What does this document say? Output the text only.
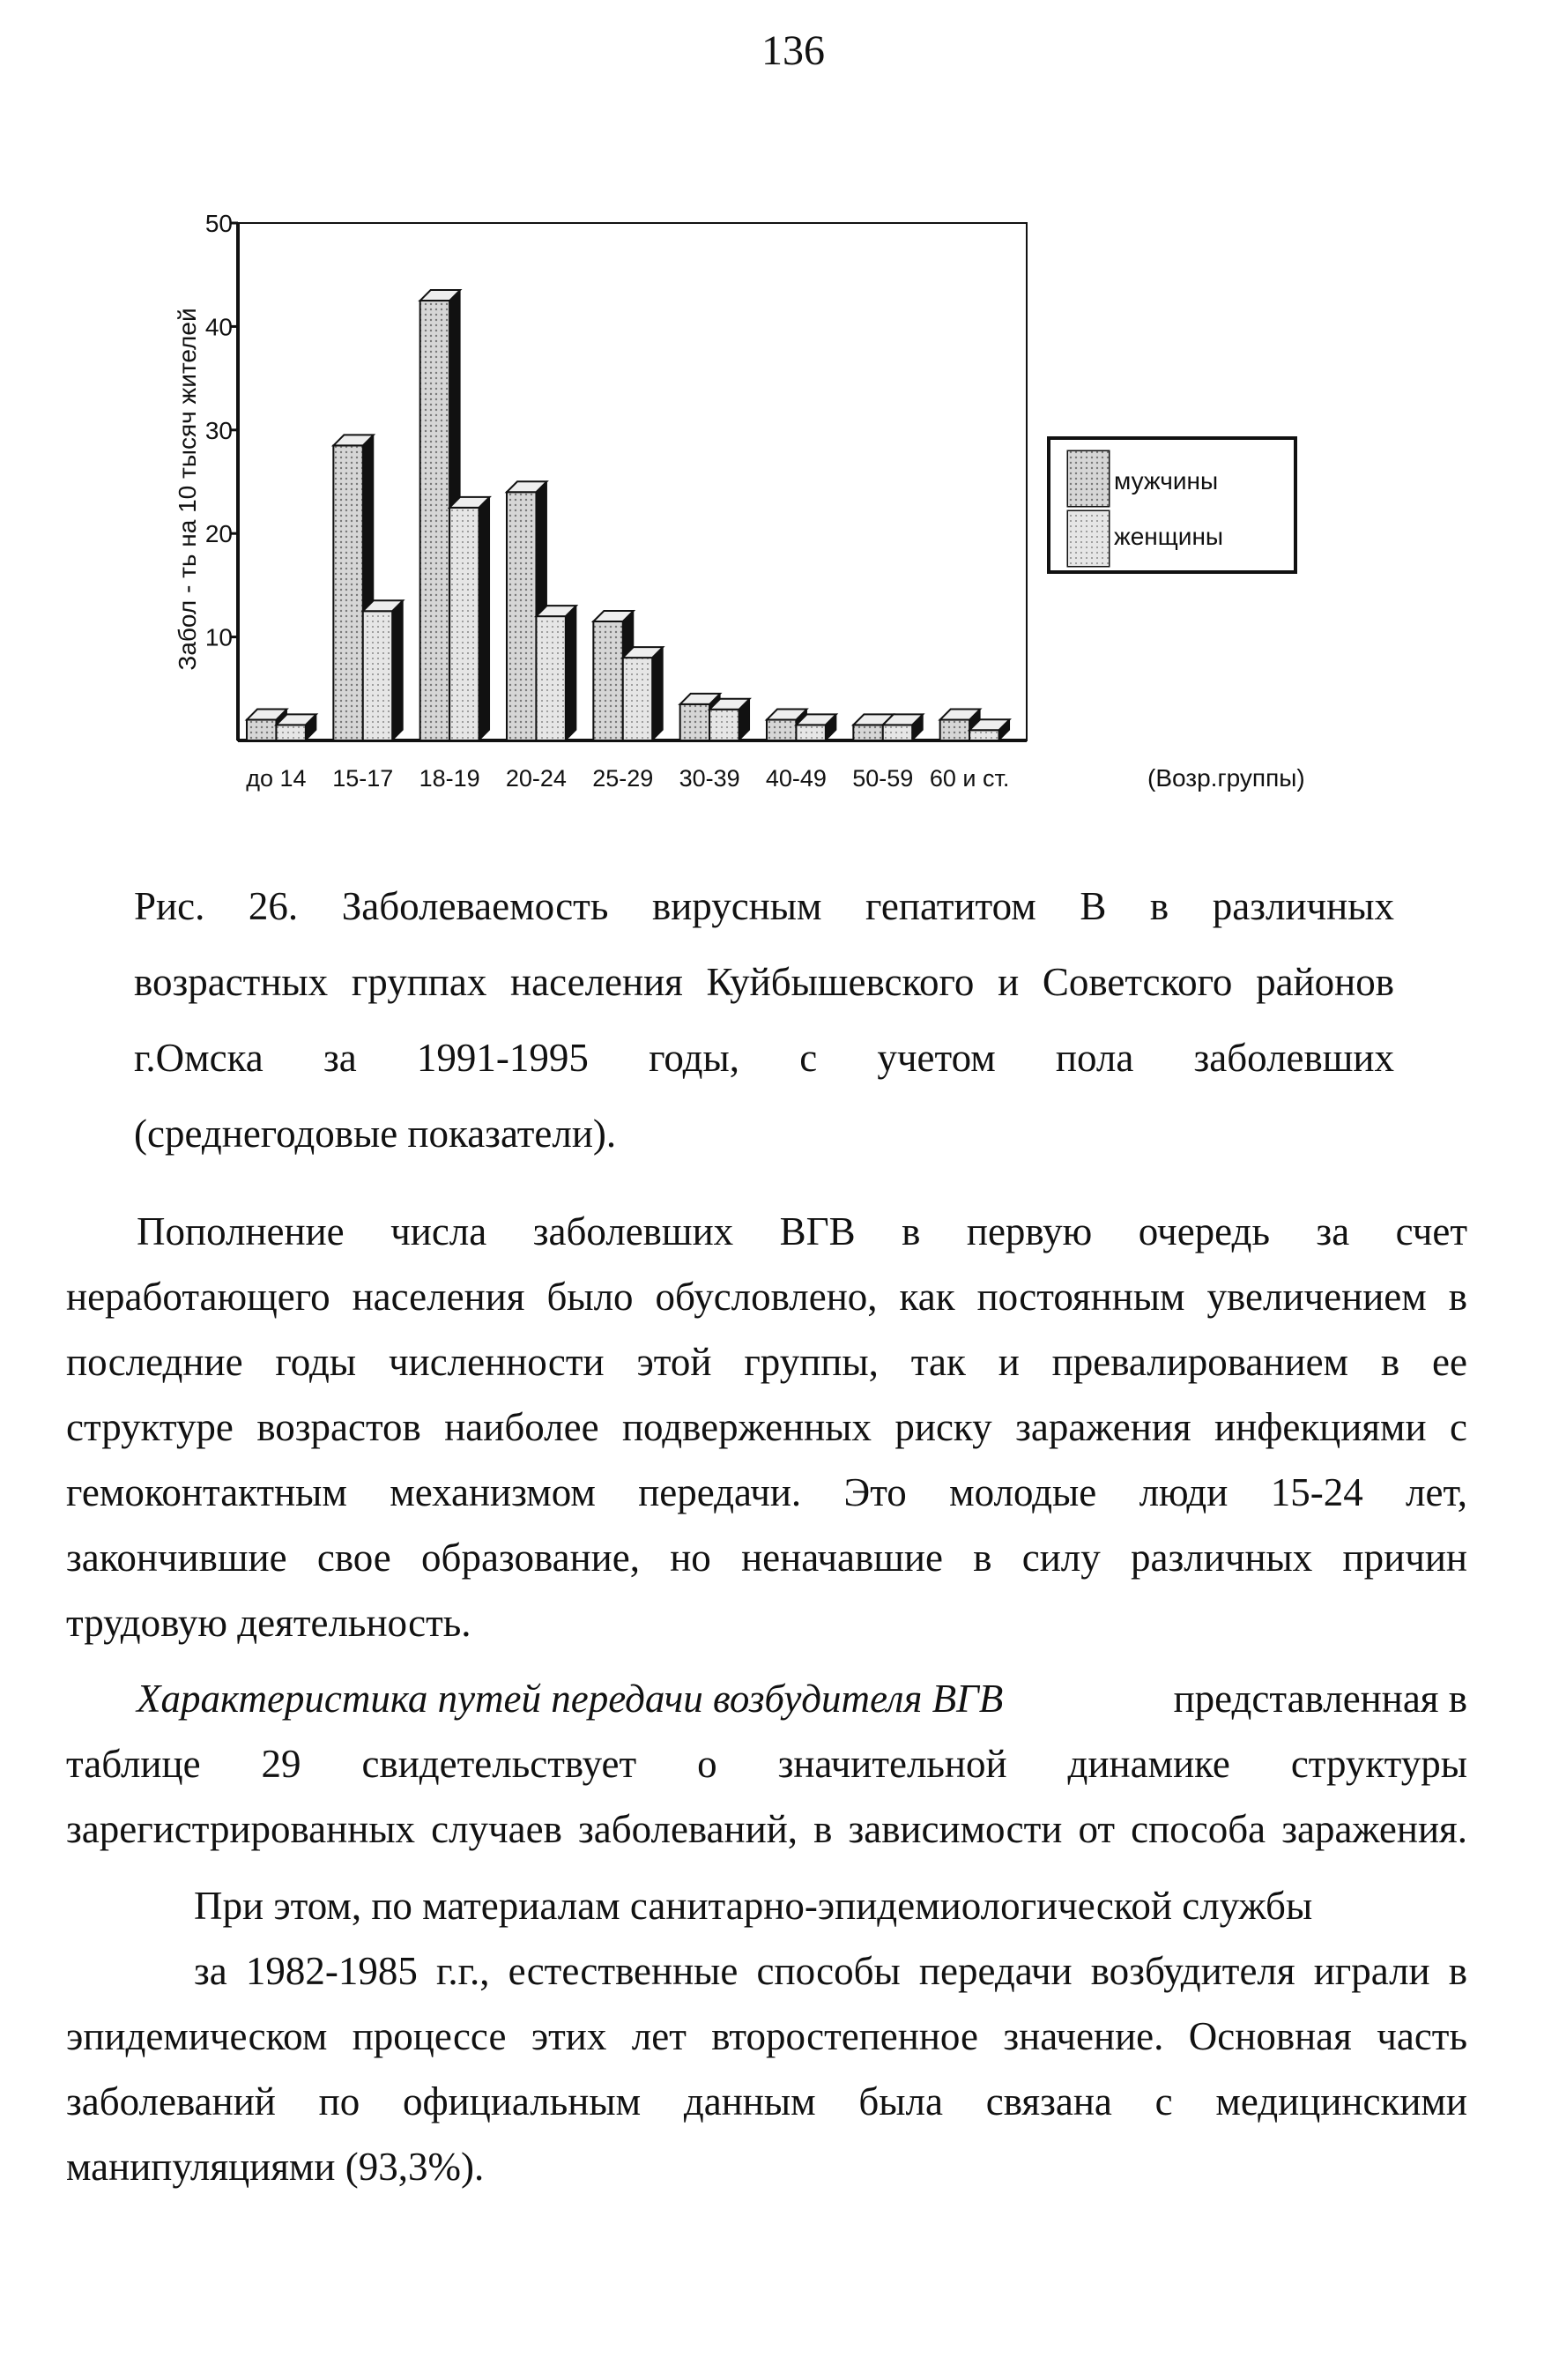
136
10
20
30
40
50
до 14 15-17 18-19 20-24 25-29 30-39 40-49 50-59 60 и ст.
Забол - ть на 10 тысяч жителей
(Возр.группы)
мужчины
женщины
Рис. 26. Заболеваемость вирусным гепатитом В в различных
возрастных группах населения Куйбышевского и Советского районов
г.Омска за 1991-1995 годы, с учетом пола заболевших
(среднегодовые показатели).
Пополнение числа заболевших ВГВ в первую очередь за счет
неработающего населения было обусловлено, как постоянным увеличением в
последние годы численности этой группы, так и превалированием в ее
структуре возрастов наиболее подверженных риску заражения инфекциями с
гемоконтактным механизмом передачи. Это молодые люди 15-24 лет,
закончившие свое образование, но неначавшие в силу различных причин
трудовую деятельность.
Характеристика путей передачи возбудителя ВГВ	представленная в
таблице 29 свидетельствует о значительной динамике структуры
зарегистрированных случаев заболеваний, в зависимости от способа заражения.
При этом, по материалам санитарно-эпидемиологической службы
за 1982-1985 г.г., естественные способы передачи возбудителя играли в
эпидемическом процессе этих лет второстепенное значение. Основная часть
заболеваний по официальным данным была связана с медицинскими
манипуляциями (93,3%).
